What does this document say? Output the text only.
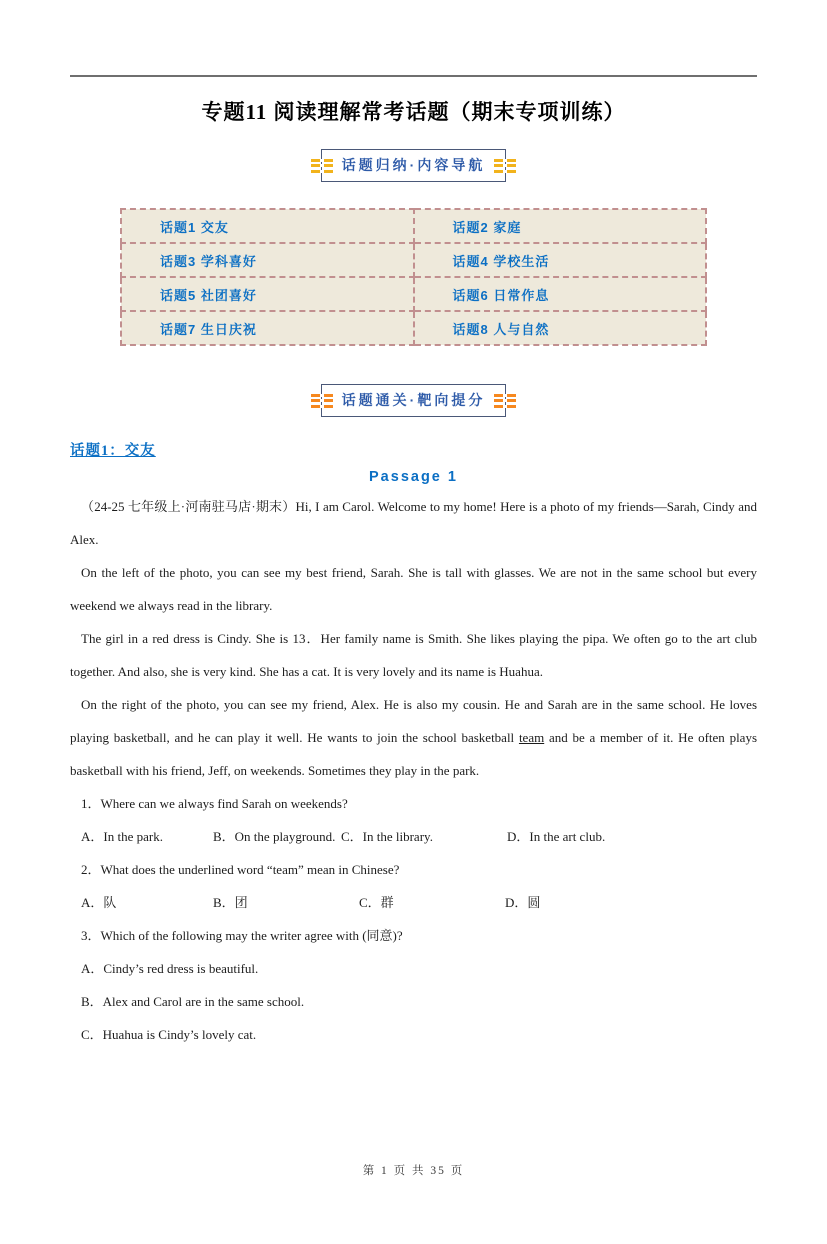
专题11 阅读理解常考话题（期末专项训练）
话题归纳·内容导航
话题1 交友	话题2 家庭
话题3 学科喜好	话题4 学校生活
话题5 社团喜好	话题6 日常作息
话题7 生日庆祝	话题8 人与自然
话题通关·靶向提分
话题1：交友
Passage 1

（24-25 七年级上·河南驻马店·期末）Hi, I am Carol. Welcome to my home! Here is a photo of my friends—Sarah, Cindy and Alex.

On the left of the photo, you can see my best friend, Sarah. She is tall with glasses. We are not in the same school but every weekend we always read in the library.

The girl in a red dress is Cindy. She is 13．Her family name is Smith. She likes playing the pipa. We often go to the art club together. And also, she is very kind. She has a cat. It is very lovely and its name is Huahua.

On the right of the photo, you can see my friend, Alex. He is also my cousin. He and Sarah are in the same school. He loves playing basketball, and he can play it well. He wants to join the school basketball team and be a member of it. He often plays basketball with his friend, Jeff, on weekends. Sometimes they play in the park.

1．Where can we always find Sarah on weekends?
A．In the park.	B．On the playground. C．In the library.	D．In the art club.
2．What does the underlined word “team” mean in Chinese?
A．队	B．团	C．群	D．圆
3．Which of the following may the writer agree with (同意)?
A．Cindy’s red dress is beautiful.
B．Alex and Carol are in the same school.
C．Huahua is Cindy’s lovely cat.
第 1 页 共 35 页
